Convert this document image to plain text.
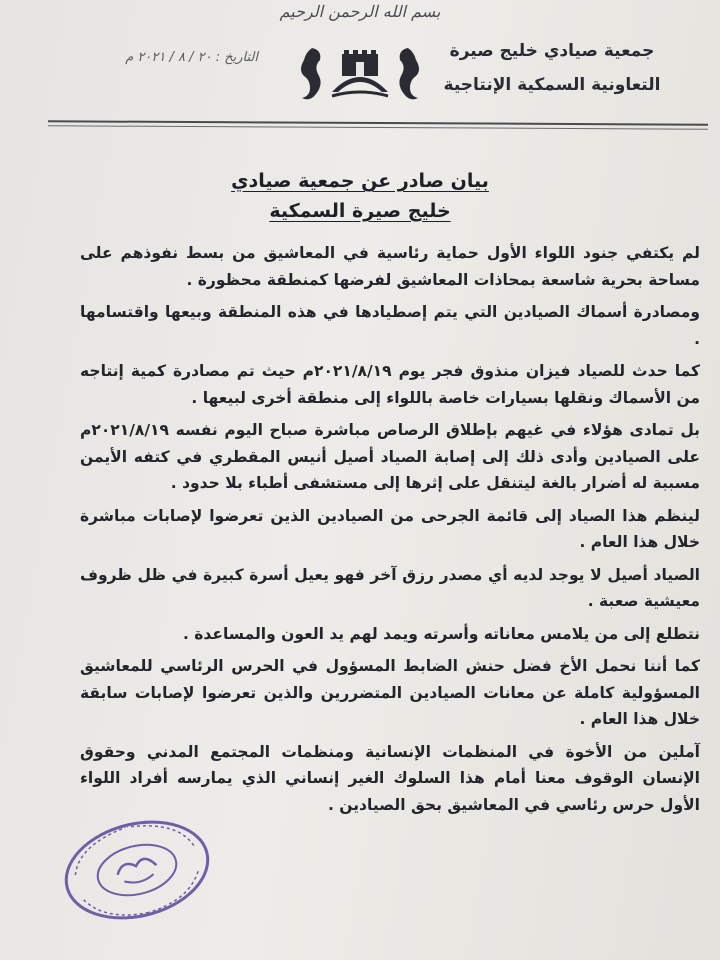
بسم الله الرحمن الرحيم
جمعية صيادي خليج صيرة
التعاونية السمكية الإنتاجية
التاريخ : ٢٠ / ٨ / ٢٠٢١ م
بيان صادر عن جمعية صيادي
خليج صيرة السمكية

لم يكتفي جنود اللواء الأول حماية رئاسية في المعاشيق من بسط نفوذهم على مساحة بحرية شاسعة بمحاذات المعاشيق لفرضها كمنطقة محظورة .

ومصادرة أسماك الصيادين التي يتم إصطيادها في هذه المنطقة وبيعها واقتسامها .

كما حدث للصياد فيزان منذوق فجر يوم ٢٠٢١/٨/١٩م حيث تم مصادرة كمية إنتاجه من الأسماك ونقلها بسيارات خاصة باللواء إلى منطقة أخرى لبيعها .

بل تمادى هؤلاء في غيهم بإطلاق الرصاص مباشرة صباح اليوم نفسه ٢٠٢١/٨/١٩م على الصيادين وأدى ذلك إلى إصابة الصياد أصيل أنيس المقطري في كتفه الأيمن مسببة له أضرار بالغة ليتنقل على إثرها إلى مستشفى أطباء بلا حدود .

لينظم هذا الصياد إلى قائمة الجرحى من الصيادين الذين تعرضوا لإصابات مباشرة خلال هذا العام .

الصياد أصيل لا يوجد لديه أي مصدر رزق آخر فهو يعيل أسرة كبيرة في ظل ظروف معيشية صعبة .

نتطلع إلى من يلامس معاناته وأسرته ويمد لهم يد العون والمساعدة .

كما أننا نحمل الأخ فضل حنش الضابط المسؤول في الحرس الرئاسي للمعاشيق المسؤولية كاملة عن معانات الصيادين المتضررين والذين تعرضوا لإصابات سابقة خلال هذا العام .

آملين من الأخوة في المنظمات الإنسانية ومنظمات المجتمع المدني وحقوق الإنسان الوقوف معنا أمام هذا السلوك الغير إنساني الذي يمارسه أفراد اللواء الأول حرس رئاسي في المعاشيق بحق الصيادين .
